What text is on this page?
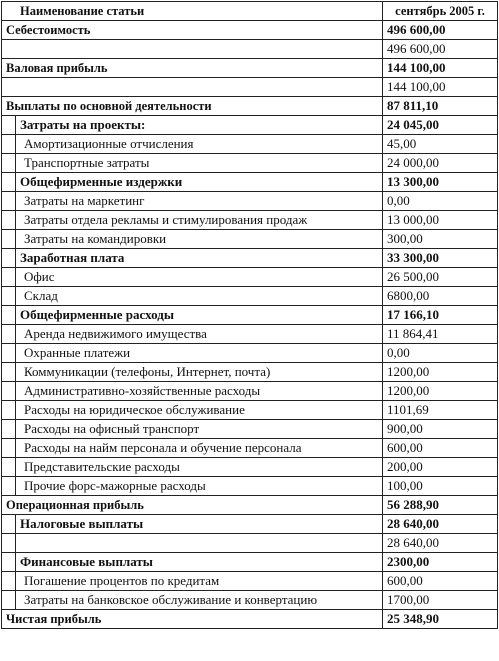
Наименование статьи		сентябрь 2005 г.
Себестоимость		496 600,00
		496 600,00
Валовая прибыль		144 100,00
		144 100,00
Выплаты по основной деятельности		87 811,10
	Затраты на проекты:	24 045,00
	Амортизационные отчисления	45,00
	Транспортные затраты	24 000,00
	Общефирменные издержки	13 300,00
	Затраты на маркетинг	0,00
	Затраты отдела рекламы и стимулирования продаж	13 000,00
	Затраты на командировки	300,00
	Заработная плата	33 300,00
	Офис	26 500,00
	Склад	6800,00
	Общефирменные расходы	17 166,10
	Аренда недвижимого имущества	11 864,41
	Охранные платежи	0,00
	Коммуникации (телефоны, Интернет, почта)	1200,00
	Административно-хозяйственные расходы	1200,00
	Расходы на юридическое обслуживание	1101,69
	Расходы на офисный транспорт	900,00
	Расходы на найм персонала и обучение персонала	600,00
	Представительские расходы	200,00
	Прочие форс-мажорные расходы	100,00
Операционная прибыль		56 288,90
	Налоговые выплаты	28 640,00
		28 640,00
	Финансовые выплаты	2300,00
	Погашение процентов по кредитам	600,00
	Затраты на банковское обслуживание и конвертацию	1700,00
Чистая прибыль		25 348,90
